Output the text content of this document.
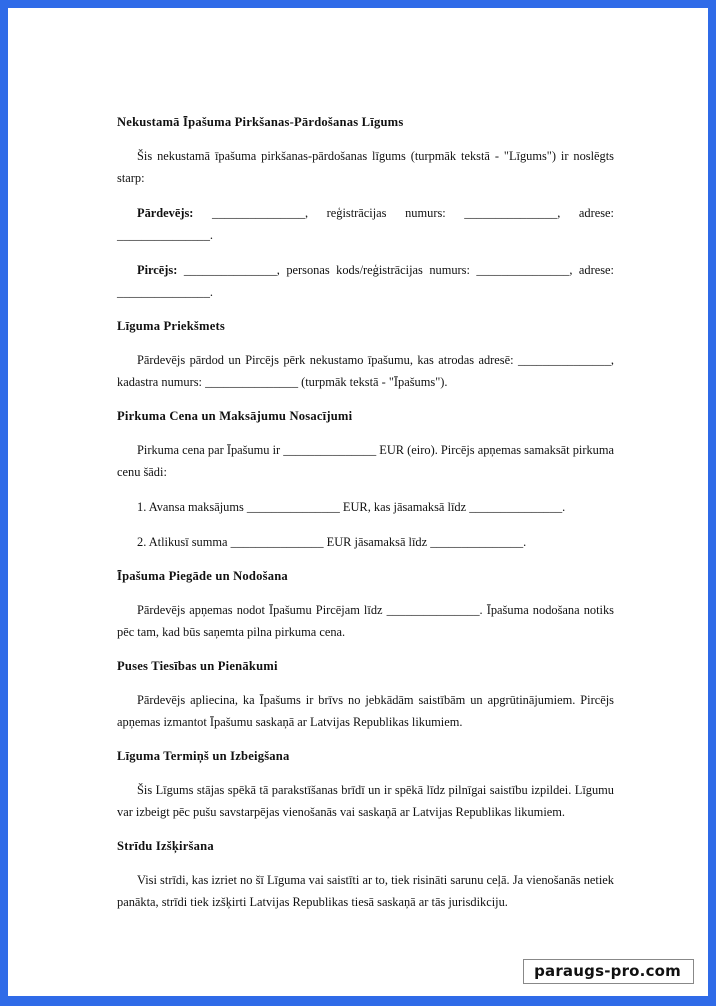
Nekustamā Īpašuma Pirkšanas-Pārdošanas Līgums

Šis nekustamā īpašuma pirkšanas-pārdošanas līgums (turpmāk tekstā - "Līgums") ir noslēgts starp:

Pārdevējs: _______________, reģistrācijas numurs: _______________, adrese: _______________.

Pircējs: _______________, personas kods/reģistrācijas numurs: _______________, adrese: _______________.

Līguma Priekšmets

Pārdevējs pārdod un Pircējs pērk nekustamo īpašumu, kas atrodas adresē: _______________, kadastra numurs: _______________ (turpmāk tekstā - "Īpašums").

Pirkuma Cena un Maksājumu Nosacījumi

Pirkuma cena par Īpašumu ir _______________ EUR (eiro). Pircējs apņemas samaksāt pirkuma cenu šādi:

1. Avansa maksājums _______________ EUR, kas jāsamaksā līdz _______________.

2. Atlikusī summa _______________ EUR jāsamaksā līdz _______________.

Īpašuma Piegāde un Nodošana

Pārdevējs apņemas nodot Īpašumu Pircējam līdz _______________. Īpašuma nodošana notiks pēc tam, kad būs saņemta pilna pirkuma cena.

Puses Tiesības un Pienākumi

Pārdevējs apliecina, ka Īpašums ir brīvs no jebkādām saistībām un apgrūtinājumiem. Pircējs apņemas izmantot Īpašumu saskaņā ar Latvijas Republikas likumiem.

Līguma Termiņš un Izbeigšana

Šis Līgums stājas spēkā tā parakstīšanas brīdī un ir spēkā līdz pilnīgai saistību izpildei. Līgumu var izbeigt pēc pušu savstarpējas vienošanās vai saskaņā ar Latvijas Republikas likumiem.

Strīdu Izšķiršana

Visi strīdi, kas izriet no šī Līguma vai saistīti ar to, tiek risināti sarunu ceļā. Ja vienošanās netiek panākta, strīdi tiek izšķirti Latvijas Republikas tiesā saskaņā ar tās jurisdikciju.

paraugs-pro.com
